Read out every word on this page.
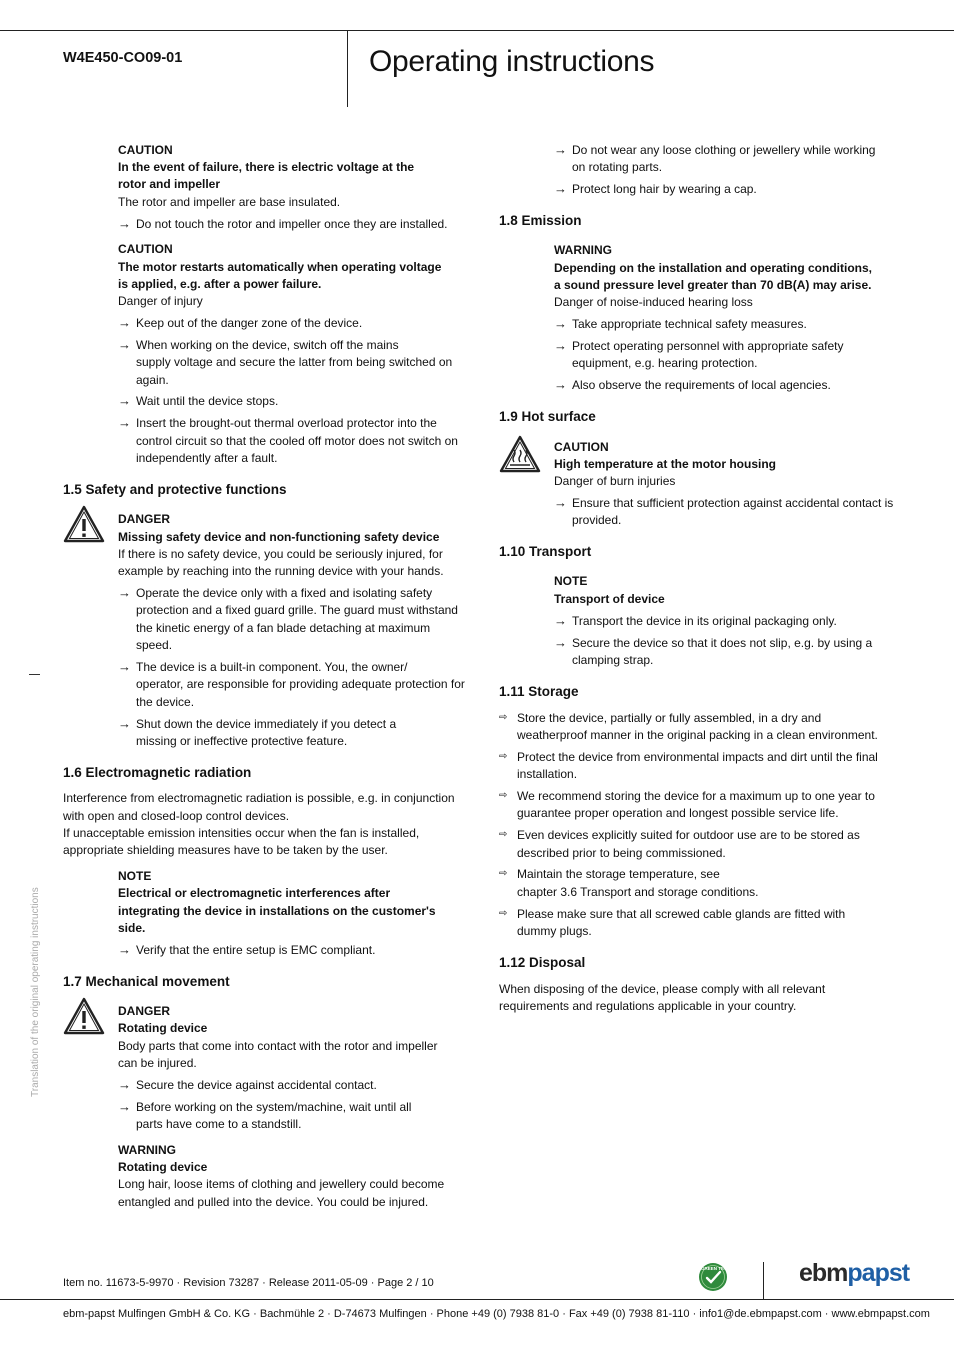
W4E450-CO09-01	Operating instructions
CAUTION
In the event of failure, there is electric voltage at the
rotor and impeller
The rotor and impeller are base insulated.
→ Do not touch the rotor and impeller once they are installed.
CAUTION
The motor restarts automatically when operating voltage
is applied, e.g. after a power failure.
Danger of injury
→ Keep out of the danger zone of the device.
→ When working on the device, switch off the mains
supply voltage and secure the latter from being switched on
again.
→ Wait until the device stops.
→ Insert the brought-out thermal overload protector into the
control circuit so that the cooled off motor does not switch on
independently after a fault.
1.5 Safety and protective functions
DANGER
Missing safety device and non-functioning safety device
If there is no safety device, you could be seriously injured, for
example by reaching into the running device with your hands.
→ Operate the device only with a fixed and isolating safety
protection and a fixed guard grille. The guard must withstand
the kinetic energy of a fan blade detaching at maximum
speed.
→ The device is a built-in component. You, the owner/
operator, are responsible for providing adequate protection for
the device.
→ Shut down the device immediately if you detect a
missing or ineffective protective feature.
1.6 Electromagnetic radiation
Interference from electromagnetic radiation is possible, e.g. in conjunction
with open and closed-loop control devices.
If unacceptable emission intensities occur when the fan is installed,
appropriate shielding measures have to be taken by the user.
NOTE
Electrical or electromagnetic interferences after
integrating the device in installations on the customer's
side.
→ Verify that the entire setup is EMC compliant.
1.7 Mechanical movement
DANGER
Rotating device
Body parts that come into contact with the rotor and impeller
can be injured.
→ Secure the device against accidental contact.
→ Before working on the system/machine, wait until all
parts have come to a standstill.
WARNING
Rotating device
Long hair, loose items of clothing and jewellery could become
entangled and pulled into the device. You could be injured.
→ Do not wear any loose clothing or jewellery while working
on rotating parts.
→ Protect long hair by wearing a cap.
1.8 Emission
WARNING
Depending on the installation and operating conditions,
a sound pressure level greater than 70 dB(A) may arise.
Danger of noise-induced hearing loss
→ Take appropriate technical safety measures.
→ Protect operating personnel with appropriate safety
equipment, e.g. hearing protection.
→ Also observe the requirements of local agencies.
1.9 Hot surface
CAUTION
High temperature at the motor housing
Danger of burn injuries
→ Ensure that sufficient protection against accidental contact is
provided.
1.10 Transport
NOTE
Transport of device
→ Transport the device in its original packaging only.
→ Secure the device so that it does not slip, e.g. by using a
clamping strap.
1.11 Storage
⇨ Store the device, partially or fully assembled, in a dry and
weatherproof manner in the original packing in a clean environment.
⇨ Protect the device from environmental impacts and dirt until the final
installation.
⇨ We recommend storing the device for a maximum up to one year to
guarantee proper operation and longest possible service life.
⇨ Even devices explicitly suited for outdoor use are to be stored as
described prior to being commissioned.
⇨ Maintain the storage temperature, see
chapter 3.6 Transport and storage conditions.
⇨ Please make sure that all screwed cable glands are fitted with
dummy plugs.
1.12 Disposal
When disposing of the device, please comply with all relevant
requirements and regulations applicable in your country.
Translation of the original operating instructions
Item no. 11673-5-9970 · Revision 73287 · Release 2011-05-09 · Page 2 / 10
GREEN TECH	ebmpapst
ebm-papst Mulfingen GmbH & Co. KG · Bachmühle 2 · D-74673 Mulfingen · Phone +49 (0) 7938 81-0 · Fax +49 (0) 7938 81-110 · info1@de.ebmpapst.com · www.ebmpapst.com
